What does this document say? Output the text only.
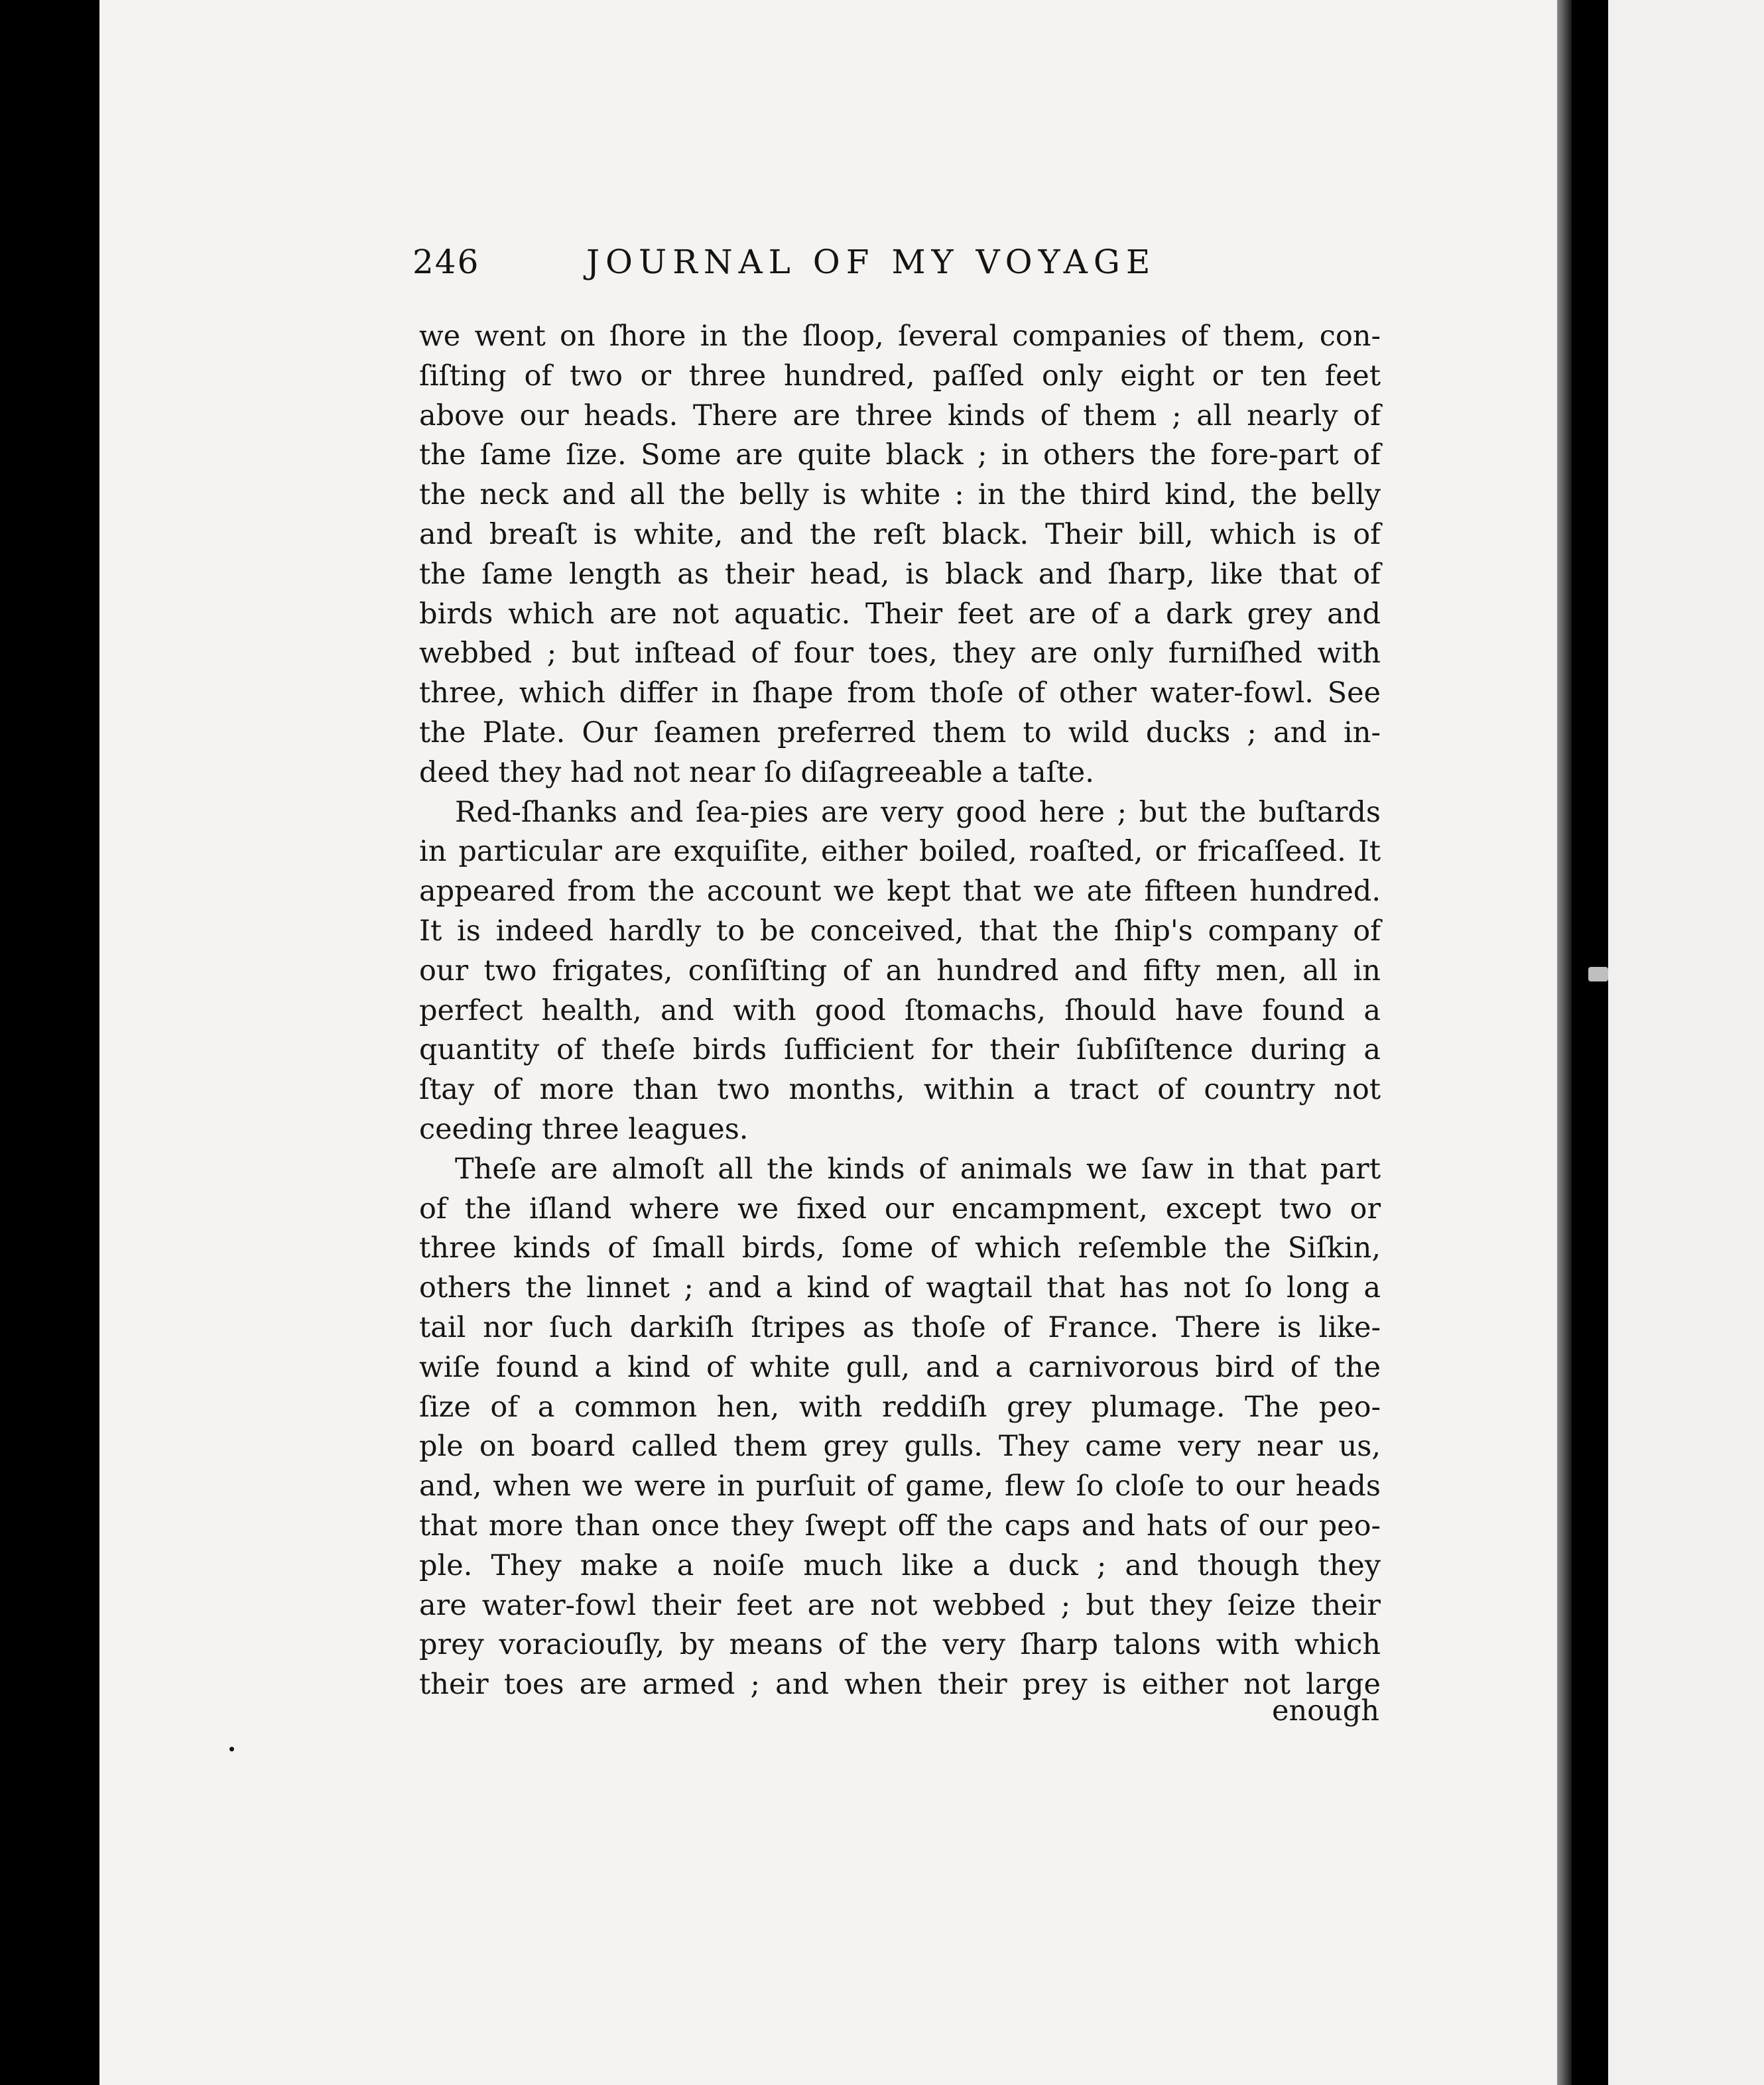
246	JOURNAL OF MY VOYAGE
we went on ſhore in the ſloop, ſeveral companies of them, con-
ſiſting of two or three hundred, paſſed only eight or ten feet
above our heads. There are three kinds of them ; all nearly of
the ſame ſize. Some are quite black ; in others the fore-part of
the neck and all the belly is white : in the third kind, the belly
and breaſt is white, and the reſt black. Their bill, which is of
the ſame length as their head, is black and ſharp, like that of
birds which are not aquatic. Their feet are of a dark grey and
webbed ; but inſtead of four toes, they are only furniſhed with
three, which differ in ſhape from thoſe of other water-fowl. See
the Plate. Our ſeamen preferred them to wild ducks ; and in-
deed they had not near ſo diſagreeable a taſte.
Red-ſhanks and ſea-pies are very good here ; but the buſtards
in particular are exquiſite, either boiled, roaſted, or fricaſſeed. It
appeared from the account we kept that we ate fifteen hundred.
It is indeed hardly to be conceived, that the ſhip's company of
our two frigates, conſiſting of an hundred and fifty men, all in
perfect health, and with good ſtomachs, ſhould have found a
quantity of theſe birds ſufficient for their ſubſiſtence during a
ſtay of more than two months, within a tract of country not
ceeding three leagues.
Theſe are almoſt all the kinds of animals we ſaw in that part
of the iſland where we fixed our encampment, except two or
three kinds of ſmall birds, ſome of which reſemble the Siſkin,
others the linnet ; and a kind of wagtail that has not ſo long a
tail nor ſuch darkiſh ſtripes as thoſe of France. There is like-
wiſe found a kind of white gull, and a carnivorous bird of the
ſize of a common hen, with reddiſh grey plumage. The peo-
ple on board called them grey gulls. They came very near us,
and, when we were in purſuit of game, flew ſo cloſe to our heads
that more than once they ſwept off the caps and hats of our peo-
ple. They make a noiſe much like a duck ; and though they
are water-fowl their feet are not webbed ; but they ſeize their
prey voraciouſly, by means of the very ſharp talons with which
their toes are armed ; and when their prey is either not large
enough
